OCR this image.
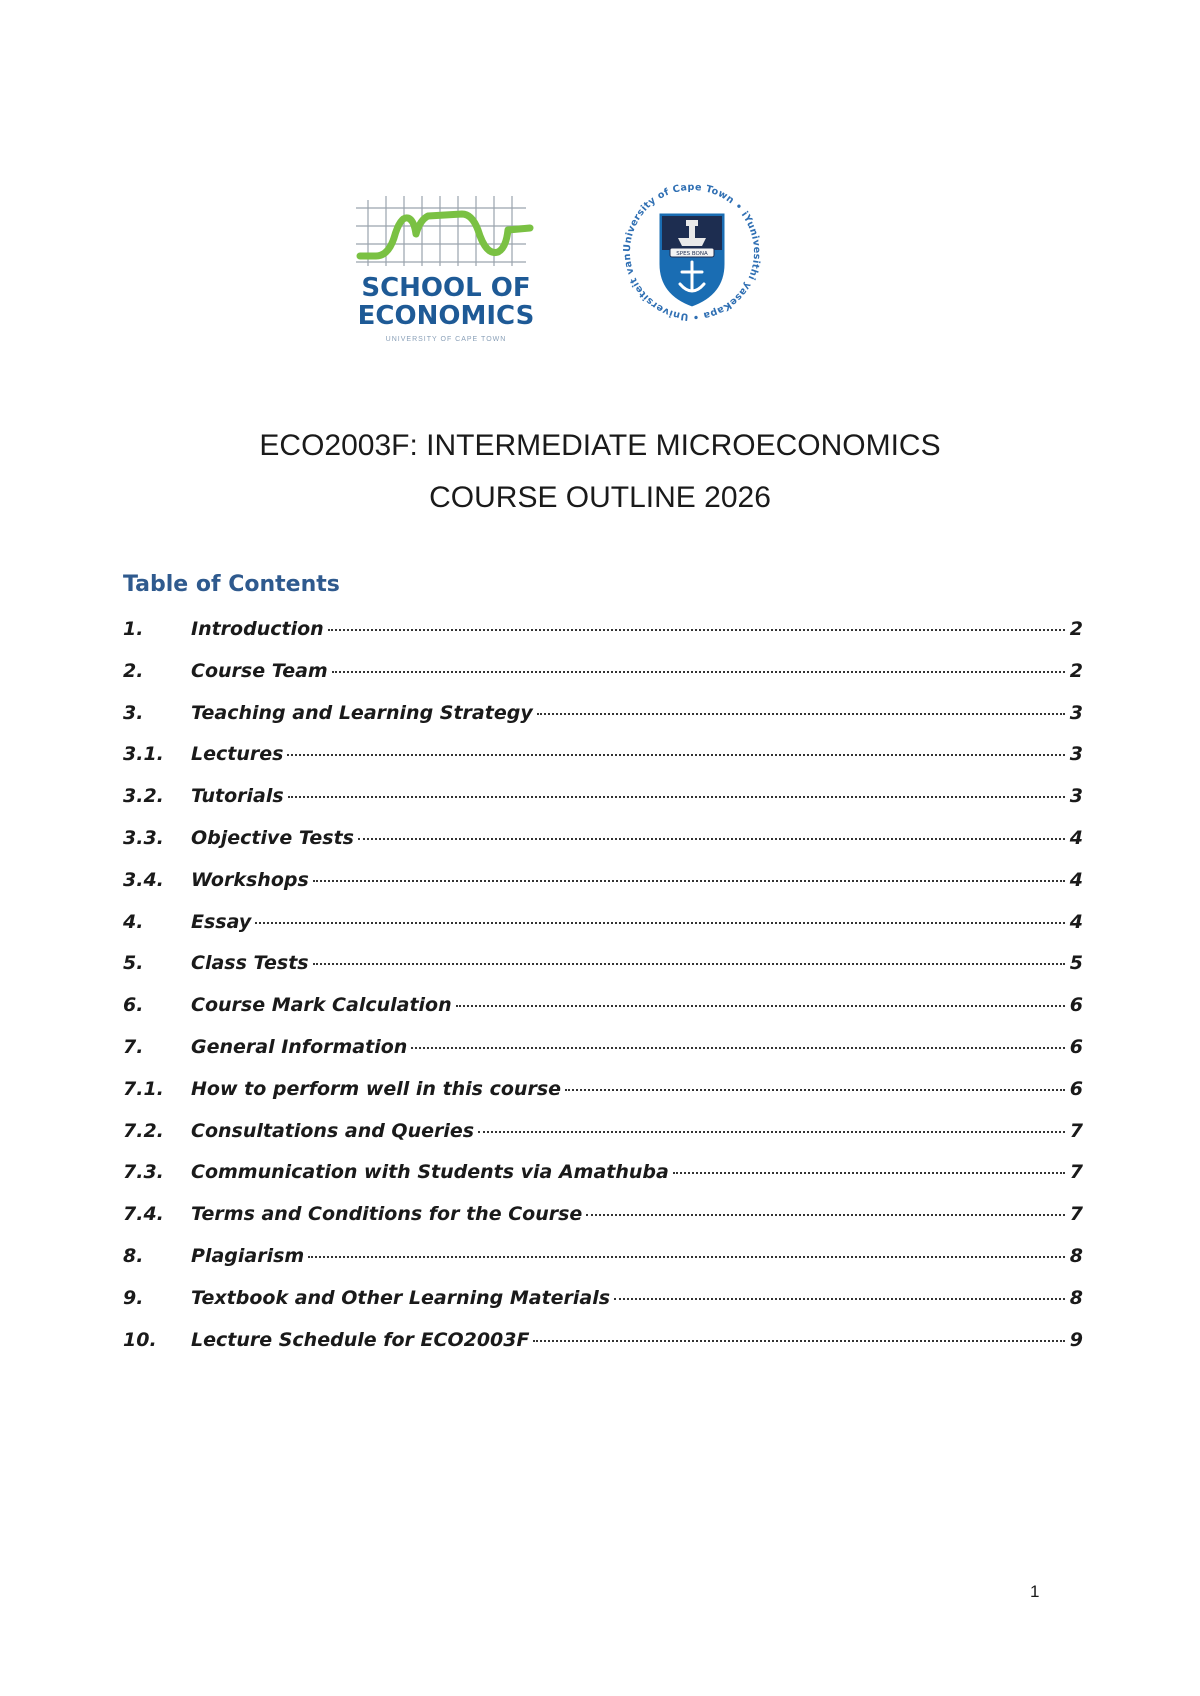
SCHOOL OF
ECONOMICS
UNIVERSITY OF CAPE TOWN
University of Cape Town • iYunivesithi yaseKapa • Universiteit van	SPES BONA
ECO2003F: INTERMEDIATE MICROECONOMICS
COURSE OUTLINE 2026
Table of Contents
1.	Introduction	2
2.	Course Team	2
3.	Teaching and Learning Strategy	3
3.1.	Lectures	3
3.2.	Tutorials	3
3.3.	Objective Tests	4
3.4.	Workshops	4
4.	Essay	4
5.	Class Tests	5
6.	Course Mark Calculation	6
7.	General Information	6
7.1.	How to perform well in this course	6
7.2.	Consultations and Queries	7
7.3.	Communication with Students via Amathuba	7
7.4.	Terms and Conditions for the Course	7
8.	Plagiarism	8
9.	Textbook and Other Learning Materials	8
10.	Lecture Schedule for ECO2003F	9
1
